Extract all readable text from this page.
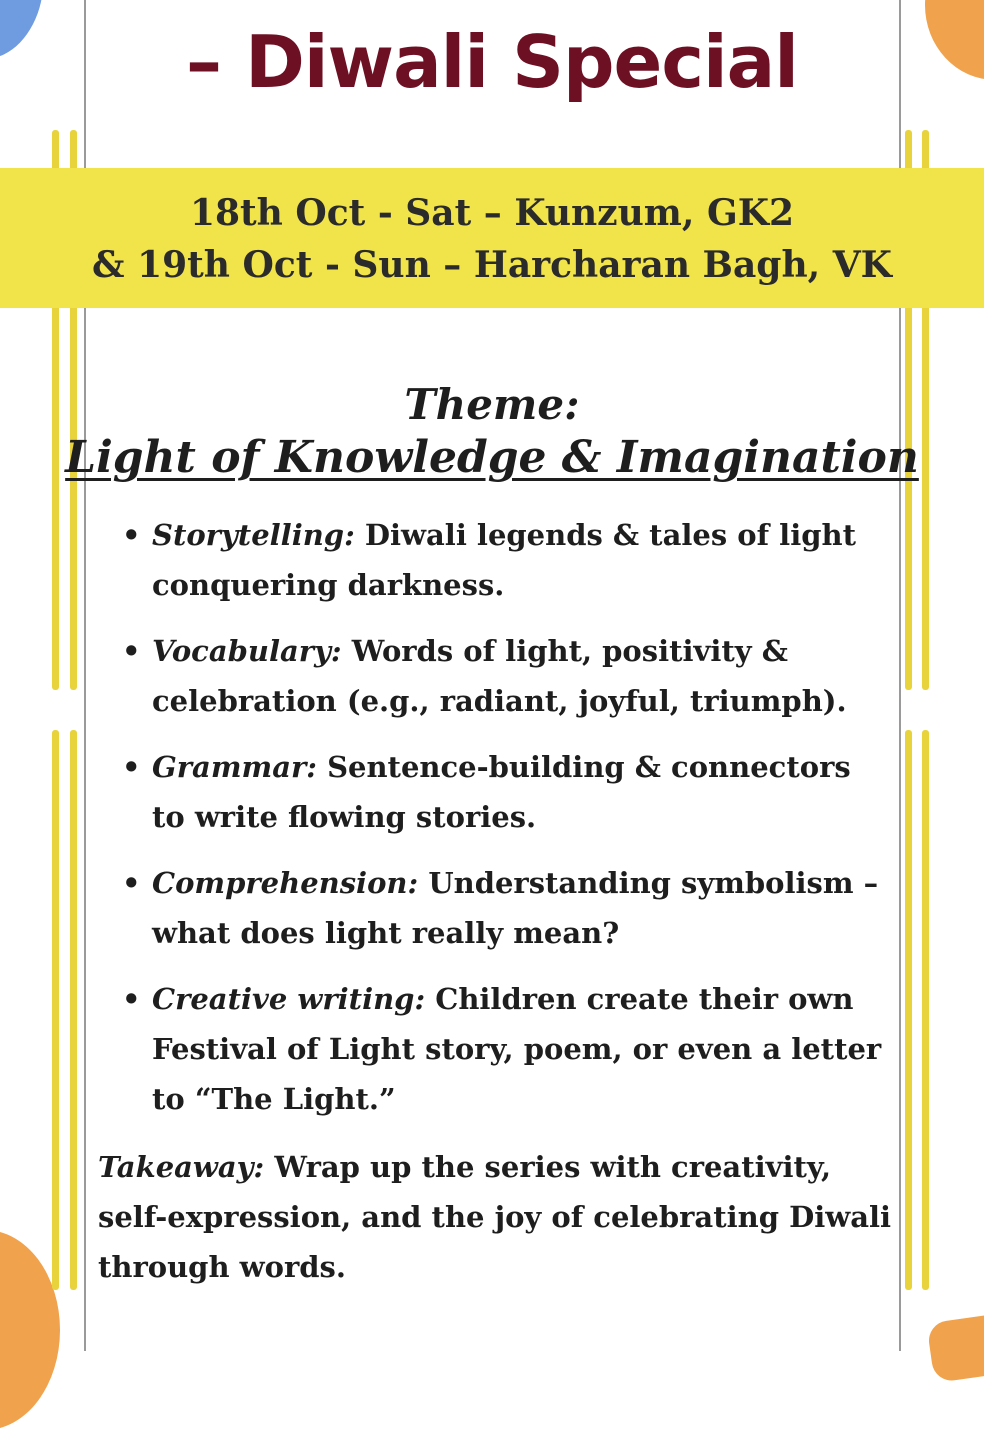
– Diwali Special
18th Oct - Sat – Kunzum, GK2
& 19th Oct - Sun – Harcharan Bagh, VK
Theme:
Light of Knowledge & Imagination
• Storytelling: Diwali legends & tales of light conquering darkness.
• Vocabulary: Words of light, positivity & celebration (e.g., radiant, joyful, triumph).
• Grammar: Sentence-building & connectors to write flowing stories.
• Comprehension: Understanding symbolism – what does light really mean?
• Creative writing: Children create their own Festival of Light story, poem, or even a letter to “The Light.”
Takeaway: Wrap up the series with creativity, self-expression, and the joy of celebrating Diwali through words.
